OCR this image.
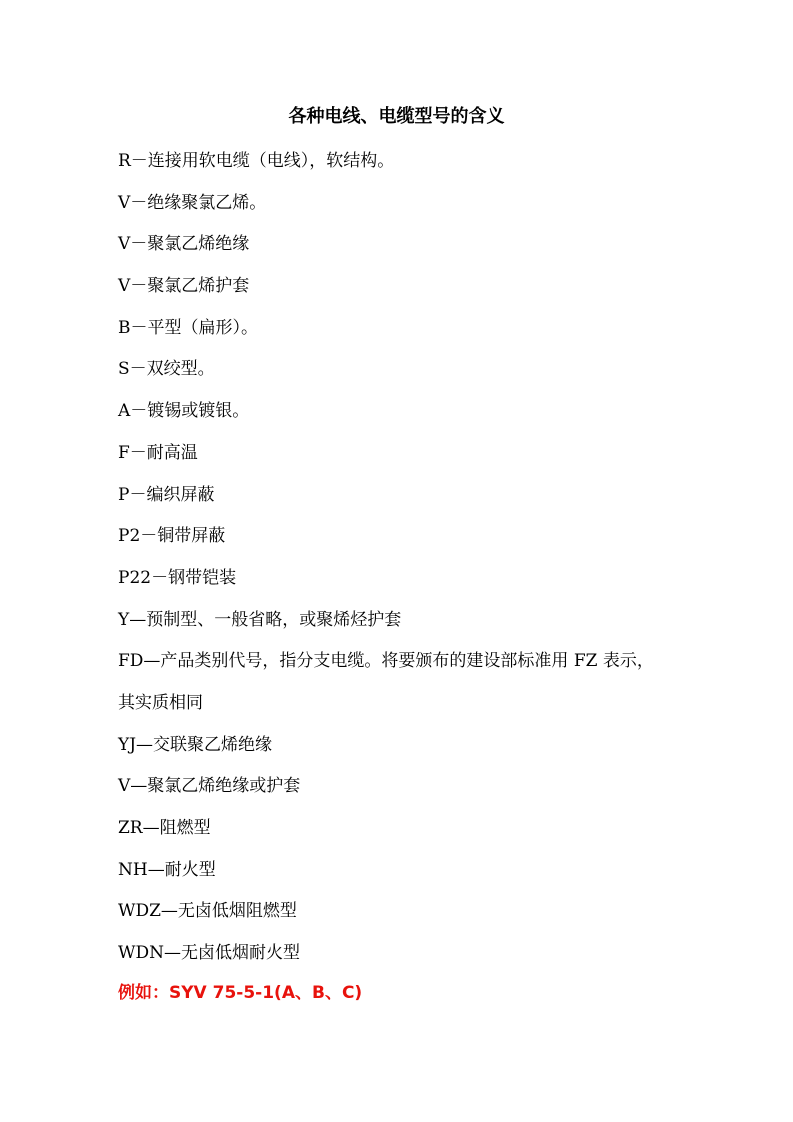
各种电线、电缆型号的含义
R－连接用软电缆（电线），软结构。
V－绝缘聚氯乙烯。
V－聚氯乙烯绝缘
V－聚氯乙烯护套
B－平型（扁形）。
S－双绞型。
A－镀锡或镀银。
F－耐高温
P－编织屏蔽
P2－铜带屏蔽
P22－钢带铠装
Y—预制型、一般省略，或聚烯烃护套
FD—产品类别代号，指分支电缆。将要颁布的建设部标准用 FZ 表示，
其实质相同
YJ—交联聚乙烯绝缘
V—聚氯乙烯绝缘或护套
ZR—阻燃型
NH—耐火型
WDZ—无卤低烟阻燃型
WDN—无卤低烟耐火型
例如：SYV 75-5-1(A、B、C)
